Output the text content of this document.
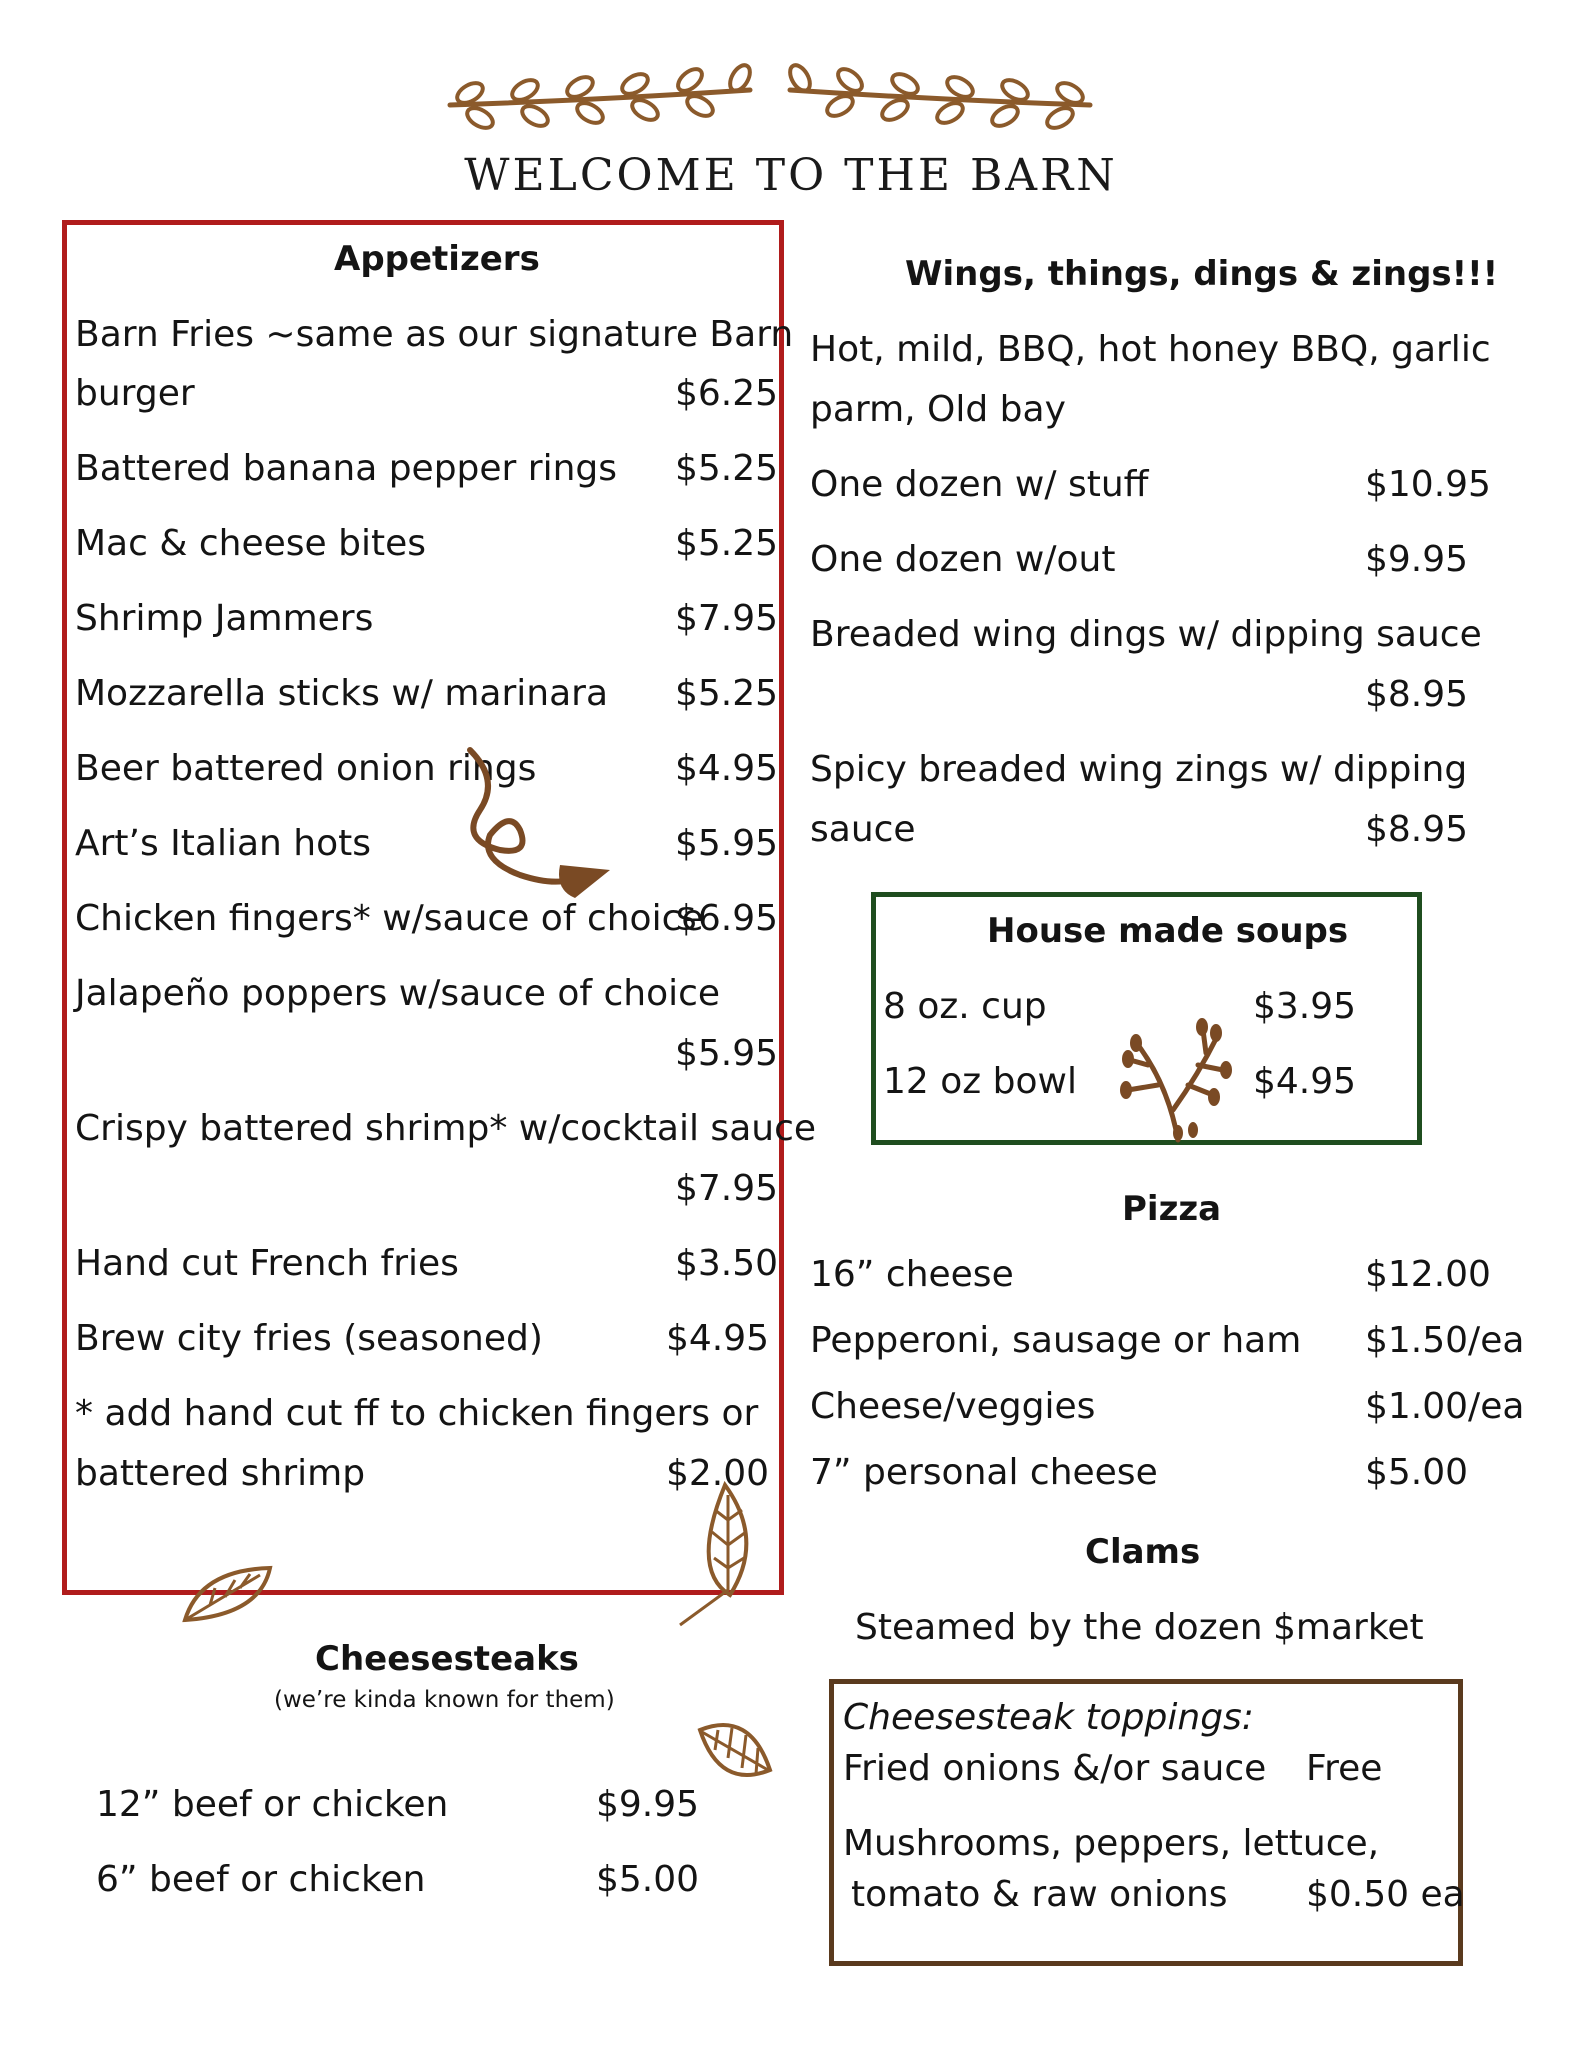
WELCOME TO THE BARN
Appetizers
Barn Fries ~same as our signature Barn
burger	$6.25
Battered banana pepper rings $5.25
Mac & cheese bites	$5.25
Shrimp Jammers	$7.95
Mozzarella sticks w/ marinara $5.25
Beer battered onion rings	$4.95
Art’s Italian hots	$5.95
Chicken fingers* w/sauce of choice
$6.95
Jalapeño poppers w/sauce of choice
$5.95
Crispy battered shrimp* w/cocktail sauce
$7.95
Hand cut French fries	$3.50
Brew city fries (seasoned)	$4.95
* add hand cut ff to chicken fingers or
battered shrimp	$2.00
Cheesesteaks
(we’re kinda known for them)
12” beef or chicken	$9.95
6” beef or chicken	$5.00
Wings, things, dings & zings!!!
Hot, mild, BBQ, hot honey BBQ, garlic
parm, Old bay
One dozen w/ stuff	$10.95
One dozen w/out	$9.95
Breaded wing dings w/ dipping sauce
$8.95
Spicy breaded wing zings w/ dipping
sauce	$8.95
House made soups
8 oz. cup	$3.95
12 oz bowl	$4.95
Pizza
16” cheese	$12.00
Pepperoni, sausage or ham $1.50/ea
Cheese/veggies	$1.00/ea
7” personal cheese	$5.00
Clams
Steamed by the dozen $market
Cheesesteak toppings:
Fried onions &/or sauce Free
Mushrooms, peppers, lettuce,
tomato & raw onions $0.50 ea
